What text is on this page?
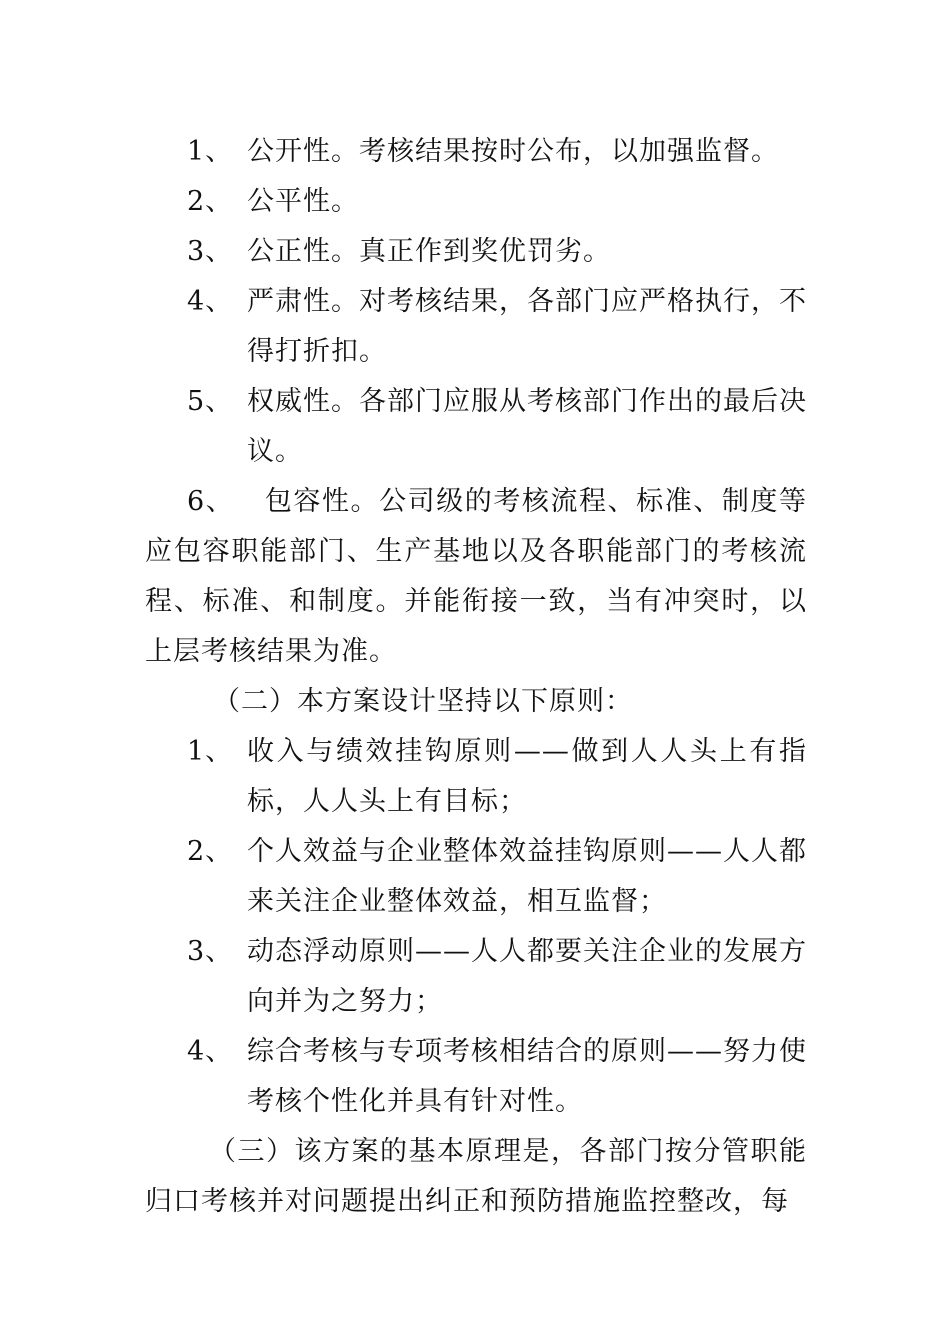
1、 公开性。考核结果按时公布，以加强监督。
2、 公平性。
3、 公正性。真正作到奖优罚劣。
4、 严肃性。对考核结果，各部门应严格执行，不得打折扣。
5、 权威性。各部门应服从考核部门作出的最后决议。

6、 包容性。公司级的考核流程、标准、制度等应包容职能部门、生产基地以及各职能部门的考核流程、标准、和制度。并能衔接一致，当有冲突时，以上层考核结果为准。

（二）本方案设计坚持以下原则：

1、 收入与绩效挂钩原则——做到人人头上有指标，人人头上有目标；
2、 个人效益与企业整体效益挂钩原则——人人都来关注企业整体效益，相互监督；
3、 动态浮动原则——人人都要关注企业的发展方向并为之努力；
4、 综合考核与专项考核相结合的原则——努力使考核个性化并具有针对性。

（三）该方案的基本原理是，各部门按分管职能归口考核并对问题提出纠正和预防措施监控整改，每
